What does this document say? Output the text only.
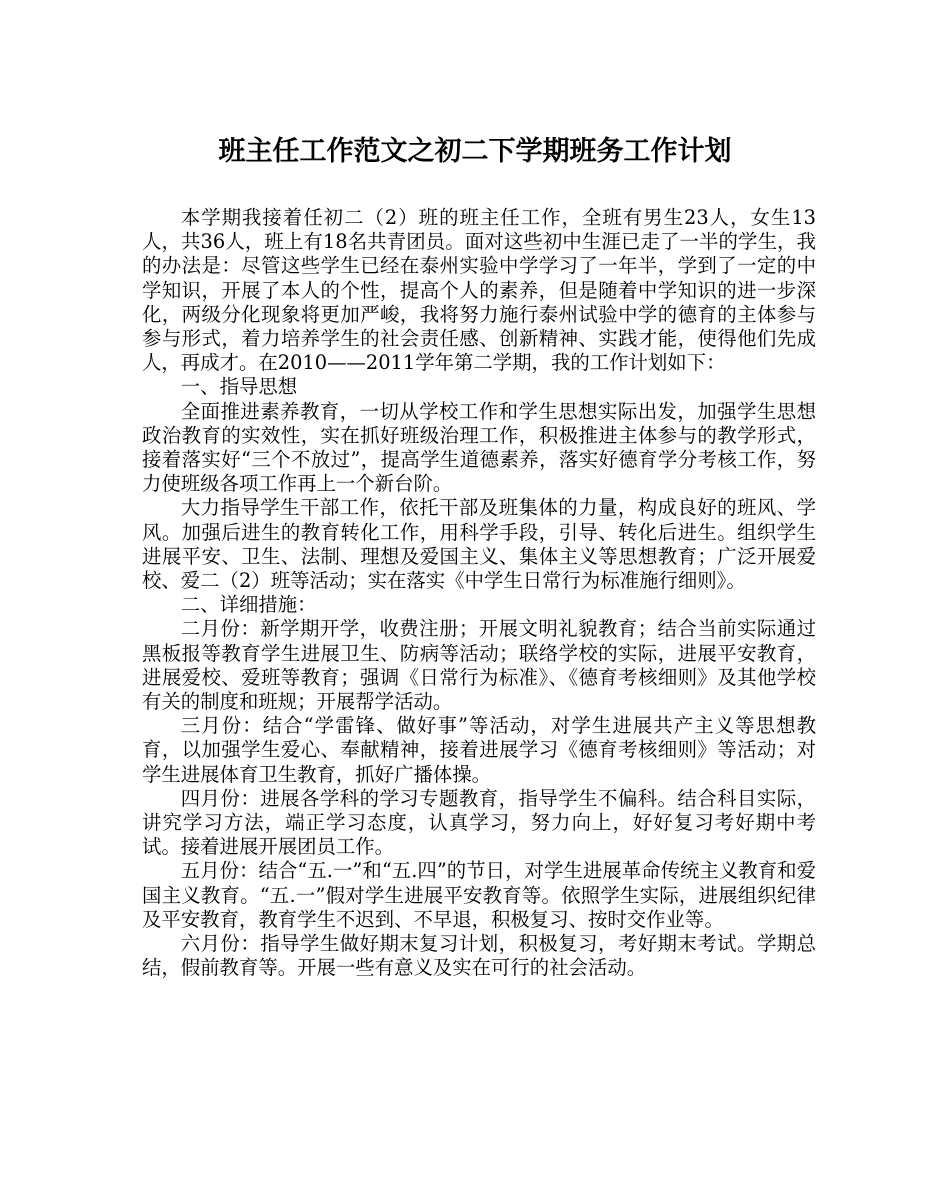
班主任工作范文之初二下学期班务工作计划

本学期我接着任初二（2）班的班主任工作，全班有男生23人，女生13人，共36人，班上有18名共青团员。面对这些初中生涯已走了一半的学生，我的办法是：尽管这些学生已经在泰州实验中学学习了一年半，学到了一定的中学知识，开展了本人的个性，提高个人的素养，但是随着中学知识的进一步深化，两级分化现象将更加严峻，我将努力施行泰州试验中学的德育的主体参与参与形式，着力培养学生的社会责任感、创新精神、实践才能，使得他们先成人，再成才。在2010——2011学年第二学期，我的工作计划如下：

一、指导思想

全面推进素养教育，一切从学校工作和学生思想实际出发，加强学生思想政治教育的实效性，实在抓好班级治理工作，积极推进主体参与的教学形式，接着落实好“三个不放过”，提高学生道德素养，落实好德育学分考核工作，努力使班级各项工作再上一个新台阶。

大力指导学生干部工作，依托干部及班集体的力量，构成良好的班风、学风。加强后进生的教育转化工作，用科学手段，引导、转化后进生。组织学生进展平安、卫生、法制、理想及爱国主义、集体主义等思想教育；广泛开展爱校、爱二（2）班等活动；实在落实《中学生日常行为标准施行细则》。

二、详细措施：

二月份：新学期开学，收费注册；开展文明礼貌教育；结合当前实际通过黑板报等教育学生进展卫生、防病等活动；联络学校的实际，进展平安教育，进展爱校、爱班等教育；强调《日常行为标准》、《德育考核细则》及其他学校有关的制度和班规；开展帮学活动。

三月份：结合“学雷锋、做好事”等活动，对学生进展共产主义等思想教育，以加强学生爱心、奉献精神，接着进展学习《德育考核细则》等活动；对学生进展体育卫生教育，抓好广播体操。

四月份：进展各学科的学习专题教育，指导学生不偏科。结合科目实际，讲究学习方法，端正学习态度，认真学习，努力向上，好好复习考好期中考试。接着进展开展团员工作。

五月份：结合“五.一”和“五.四”的节日，对学生进展革命传统主义教育和爱国主义教育。“五.一”假对学生进展平安教育等。依照学生实际，进展组织纪律及平安教育，教育学生不迟到、不早退，积极复习、按时交作业等。

六月份：指导学生做好期末复习计划，积极复习，考好期末考试。学期总结，假前教育等。开展一些有意义及实在可行的社会活动。
